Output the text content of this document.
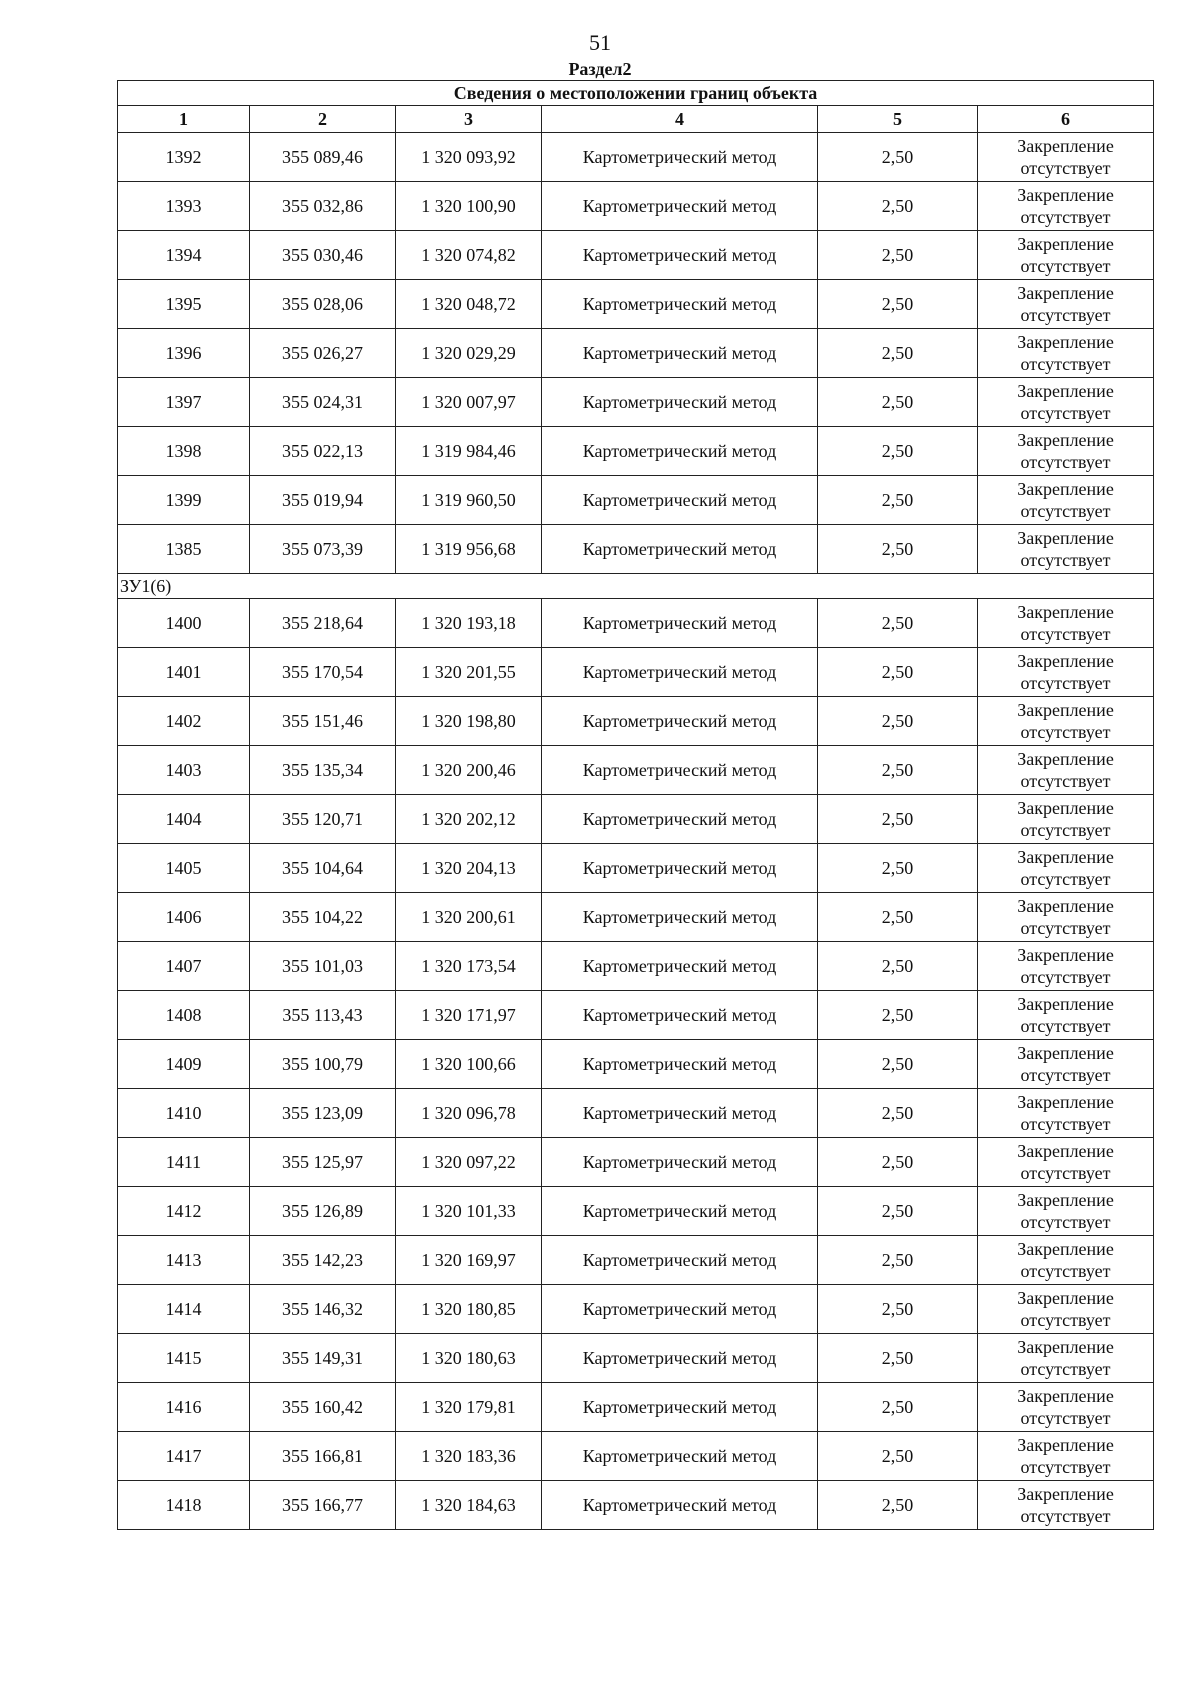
51
Раздел2
Сведения о местоположении границ объекта					
1	2	3	4	5	6
1392	355 089,46	1 320 093,92	Картометрический метод	2,50	Закрепление
отсутствует

1393	355 032,86	1 320 100,90	Картометрический метод	2,50	Закрепление
отсутствует

1394	355 030,46	1 320 074,82	Картометрический метод	2,50	Закрепление
отсутствует

1395	355 028,06	1 320 048,72	Картометрический метод	2,50	Закрепление
отсутствует

1396	355 026,27	1 320 029,29	Картометрический метод	2,50	Закрепление
отсутствует

1397	355 024,31	1 320 007,97	Картометрический метод	2,50	Закрепление
отсутствует

1398	355 022,13	1 319 984,46	Картометрический метод	2,50	Закрепление
отсутствует

1399	355 019,94	1 319 960,50	Картометрический метод	2,50	Закрепление
отсутствует

1385	355 073,39	1 319 956,68	Картометрический метод	2,50	Закрепление
отсутствует

ЗУ1(6)					
1400	355 218,64	1 320 193,18	Картометрический метод	2,50	Закрепление
отсутствует

1401	355 170,54	1 320 201,55	Картометрический метод	2,50	Закрепление
отсутствует

1402	355 151,46	1 320 198,80	Картометрический метод	2,50	Закрепление
отсутствует

1403	355 135,34	1 320 200,46	Картометрический метод	2,50	Закрепление
отсутствует

1404	355 120,71	1 320 202,12	Картометрический метод	2,50	Закрепление
отсутствует

1405	355 104,64	1 320 204,13	Картометрический метод	2,50	Закрепление
отсутствует

1406	355 104,22	1 320 200,61	Картометрический метод	2,50	Закрепление
отсутствует

1407	355 101,03	1 320 173,54	Картометрический метод	2,50	Закрепление
отсутствует

1408	355 113,43	1 320 171,97	Картометрический метод	2,50	Закрепление
отсутствует

1409	355 100,79	1 320 100,66	Картометрический метод	2,50	Закрепление
отсутствует

1410	355 123,09	1 320 096,78	Картометрический метод	2,50	Закрепление
отсутствует

1411	355 125,97	1 320 097,22	Картометрический метод	2,50	Закрепление
отсутствует

1412	355 126,89	1 320 101,33	Картометрический метод	2,50	Закрепление
отсутствует

1413	355 142,23	1 320 169,97	Картометрический метод	2,50	Закрепление
отсутствует

1414	355 146,32	1 320 180,85	Картометрический метод	2,50	Закрепление
отсутствует

1415	355 149,31	1 320 180,63	Картометрический метод	2,50	Закрепление
отсутствует

1416	355 160,42	1 320 179,81	Картометрический метод	2,50	Закрепление
отсутствует

1417	355 166,81	1 320 183,36	Картометрический метод	2,50	Закрепление
отсутствует

1418	355 166,77	1 320 184,63	Картометрический метод	2,50	Закрепление
отсутствует
